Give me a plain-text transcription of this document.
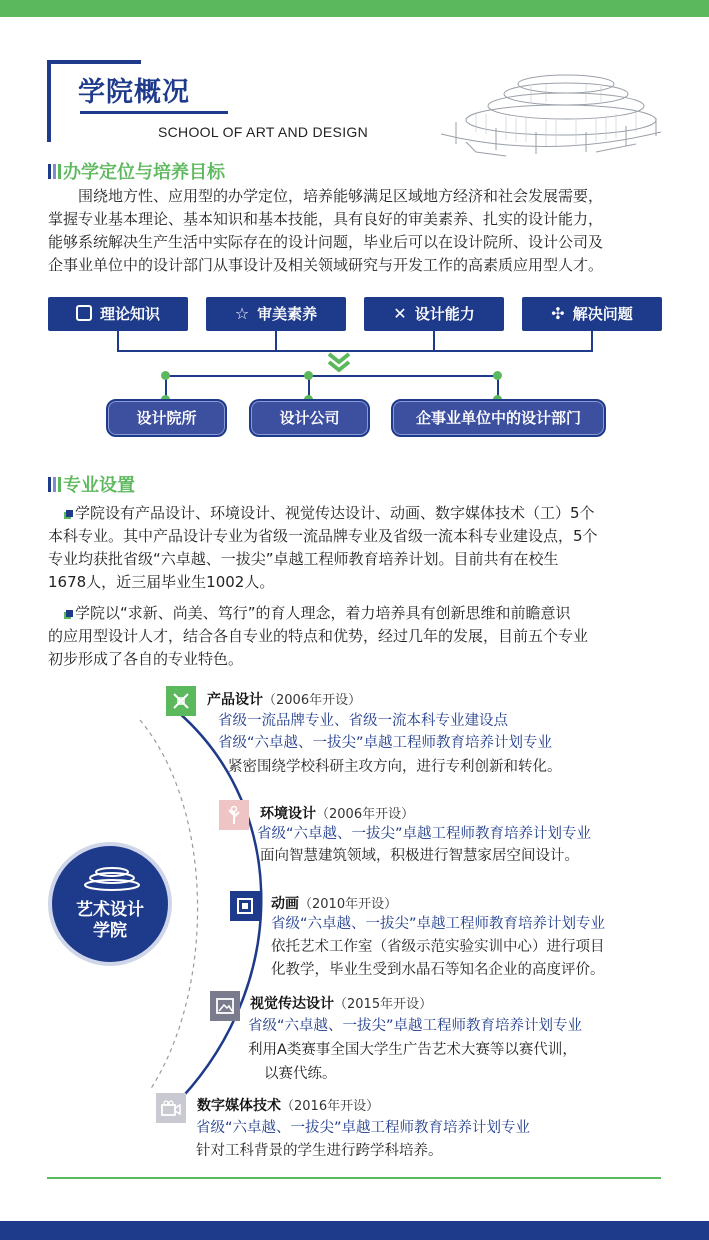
学院概况
SCHOOL OF ART AND DESIGN
办学定位与培养目标
围绕地方性、应用型的办学定位，培养能够满足区域地方经济和社会发展需要，
掌握专业基本理论、基本知识和基本技能，具有良好的审美素养、扎实的设计能力，
能够系统解决生产生活中实际存在的设计问题，毕业后可以在设计院所、设计公司及
企事业单位中的设计部门从事设计及相关领域研究与开发工作的高素质应用型人才。
理论知识	☆ 审美素养	✕ 设计能力	✣ 解决问题
设计院所	设计公司	企事业单位中的设计部门
专业设置
学院设有产品设计、环境设计、视觉传达设计、动画、数字媒体技术（工）5个
本科专业。其中产品设计专业为省级一流品牌专业及省级一流本科专业建设点，5个
专业均获批省级“六卓越、一拔尖”卓越工程师教育培养计划。目前共有在校生
1678人，近三届毕业生1002人。
学院以“求新、尚美、笃行”的育人理念，着力培养具有创新思维和前瞻意识
的应用型设计人才，结合各自专业的特点和优势，经过几年的发展，目前五个专业
初步形成了各自的专业特色。
艺术设计
学院
产品设计（2006年开设）
省级一流品牌专业、省级一流本科专业建设点
省级“六卓越、一拔尖”卓越工程师教育培养计划专业
紧密围绕学校科研主攻方向，进行专利创新和转化。
环境设计（2006年开设）
省级“六卓越、一拔尖”卓越工程师教育培养计划专业
面向智慧建筑领域，积极进行智慧家居空间设计。
动画（2010年开设）
省级“六卓越、一拔尖”卓越工程师教育培养计划专业
依托艺术工作室（省级示范实验实训中心）进行项目
化教学，毕业生受到水晶石等知名企业的高度评价。
视觉传达设计（2015年开设）
省级“六卓越、一拔尖”卓越工程师教育培养计划专业
利用A类赛事全国大学生广告艺术大赛等以赛代训，
以赛代练。
数字媒体技术（2016年开设）
省级“六卓越、一拔尖”卓越工程师教育培养计划专业
针对工科背景的学生进行跨学科培养。
